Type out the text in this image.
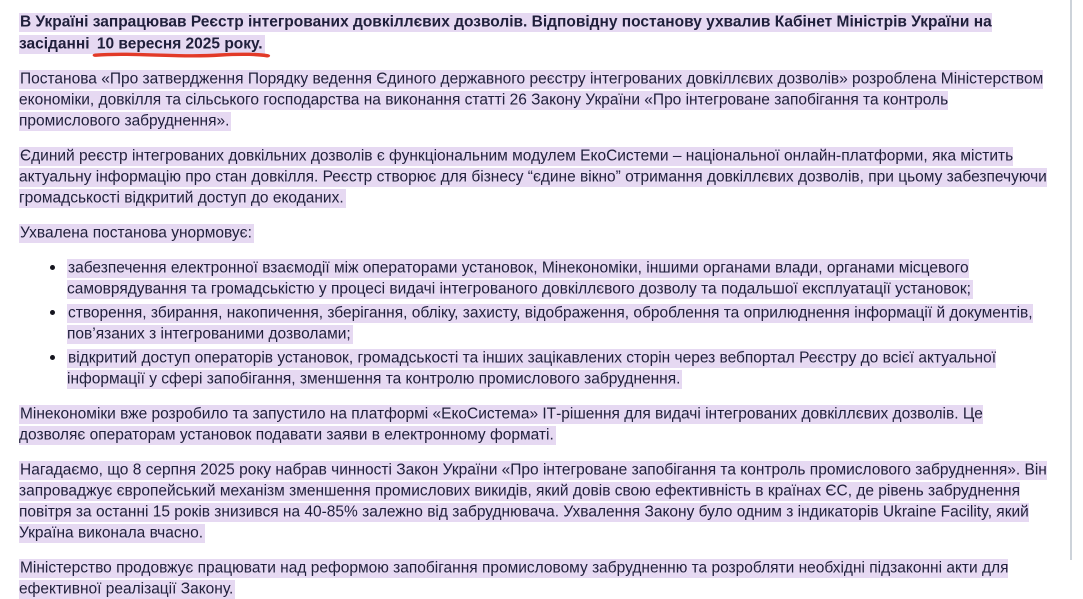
В Україні запрацював Реєстр інтегрованих довкіллєвих дозволів. Відповідну постанову ухвалив Кабінет Міністрів України на засіданні 10 вересня 2025 року.

Постанова «Про затвердження Порядку ведення Єдиного державного реєстру інтегрованих довкіллєвих дозволів» розроблена Міністерством економіки, довкілля та сільського господарства на виконання статті 26 Закону України «Про інтегроване запобігання та контроль промислового забруднення».

Єдиний реєстр інтегрованих довкільних дозволів є функціональним модулем ЕкоСистеми – національної онлайн-платформи, яка містить актуальну інформацію про стан довкілля. Реєстр створює для бізнесу “єдине вікно” отримання довкіллєвих дозволів, при цьому забезпечуючи громадськості відкритий доступ до екоданих.

Ухвалена постанова унормовує:

забезпечення електронної взаємодії між операторами установок, Мінекономіки, іншими органами влади, органами місцевого самоврядування та громадськістю у процесі видачі інтегрованого довкіллєвого дозволу та подальшої експлуатації установок;
створення, збирання, накопичення, зберігання, обліку, захисту, відображення, оброблення та оприлюднення інформації й документів, пов’язаних з інтегрованими дозволами;
відкритий доступ операторів установок, громадськості та інших зацікавлених сторін через вебпортал Реєстру до всієї актуальної інформації у сфері запобігання, зменшення та контролю промислового забруднення.

Мінекономіки вже розробило та запустило на платформі «ЕкоСистема» ІТ-рішення для видачі інтегрованих довкіллєвих дозволів. Це дозволяє операторам установок подавати заяви в електронному форматі.

Нагадаємо, що 8 серпня 2025 року набрав чинності Закон України «Про інтегроване запобігання та контроль промислового забруднення». Він запроваджує європейський механізм зменшення промислових викидів, який довів свою ефективність в країнах ЄС, де рівень забруднення повітря за останні 15 років знизився на 40-85% залежно від забруднювача. Ухвалення Закону було одним з індикаторів Ukraine Facility, який Україна виконала вчасно.

Міністерство продовжує працювати над реформою запобігання промисловому забрудненню та розробляти необхідні підзаконні акти для ефективної реалізації Закону.
